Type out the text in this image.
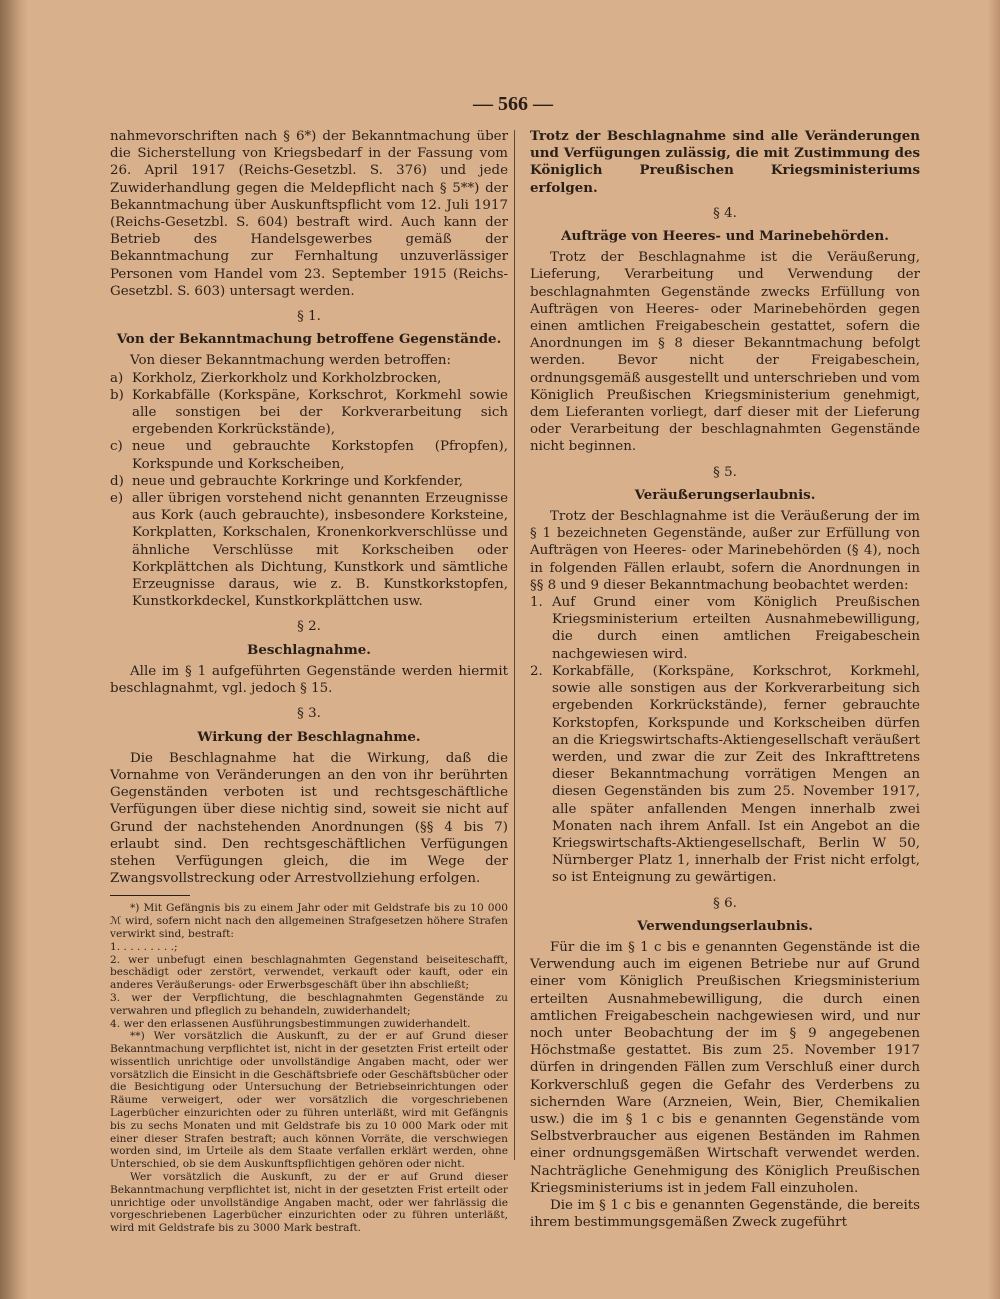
— 566 —

nahmevorschriften nach § 6*) der Bekanntmachung über die Sicherstellung von Kriegsbedarf in der Fassung vom 26. April 1917 (Reichs-Gesetzbl. S. 376) und jede Zuwiderhandlung gegen die Meldepflicht nach § 5**) der Bekanntmachung über Auskunftspflicht vom 12. Juli 1917 (Reichs-Gesetzbl. S. 604) bestraft wird. Auch kann der Betrieb des Handelsgewerbes gemäß der Bekanntmachung zur Fernhaltung unzuverlässiger Personen vom Handel vom 23. September 1915 (Reichs-Gesetzbl. S. 603) untersagt werden.

§ 1.

Von der Bekanntmachung betroffene Gegenstände.

Von dieser Bekanntmachung werden betroffen:

a) Korkholz, Zierkorkholz und Korkholzbrocken,
b) Korkabfälle (Korkspäne, Korkschrot, Korkmehl sowie alle sonstigen bei der Korkverarbeitung sich ergebenden Korkrückstände),
c) neue und gebrauchte Korkstopfen (Pfropfen), Korkspunde und Korkscheiben,
d) neue und gebrauchte Korkringe und Korkfender,
e) aller übrigen vorstehend nicht genannten Erzeugnisse aus Kork (auch gebrauchte), insbesondere Korksteine, Korkplatten, Korkschalen, Kronenkorkverschlüsse und ähnliche Verschlüsse mit Korkscheiben oder Korkplättchen als Dichtung, Kunstkork und sämtliche Erzeugnisse daraus, wie z. B. Kunstkorkstopfen, Kunstkorkdeckel, Kunstkorkplättchen usw.

§ 2.

Beschlagnahme.

Alle im § 1 aufgeführten Gegenstände werden hiermit beschlagnahmt, vgl. jedoch § 15.

§ 3.

Wirkung der Beschlagnahme.

Die Beschlagnahme hat die Wirkung, daß die Vornahme von Veränderungen an den von ihr berührten Gegenständen verboten ist und rechtsgeschäftliche Verfügungen über diese nichtig sind, soweit sie nicht auf Grund der nachstehenden Anordnungen (§§ 4 bis 7) erlaubt sind. Den rechtsgeschäftlichen Verfügungen stehen Verfügungen gleich, die im Wege der Zwangsvollstreckung oder Arrestvollziehung erfolgen.

*) Mit Gefängnis bis zu einem Jahr oder mit Geldstrafe bis zu 10 000 ℳ wird, sofern nicht nach den allgemeinen Strafgesetzen höhere Strafen verwirkt sind, bestraft:

1. . . . . . . . .;

2. wer unbefugt einen beschlagnahmten Gegenstand beiseiteschafft, beschädigt oder zerstört, verwendet, verkauft oder kauft, oder ein anderes Veräußerungs- oder Erwerbsgeschäft über ihn abschließt;

3. wer der Verpflichtung, die beschlagnahmten Gegenstände zu verwahren und pfleglich zu behandeln, zuwiderhandelt;

4. wer den erlassenen Ausführungsbestimmungen zuwiderhandelt.

**) Wer vorsätzlich die Auskunft, zu der er auf Grund dieser Bekanntmachung verpflichtet ist, nicht in der gesetzten Frist erteilt oder wissentlich unrichtige oder unvollständige Angaben macht, oder wer vorsätzlich die Einsicht in die Geschäftsbriefe oder Geschäftsbücher oder die Besichtigung oder Untersuchung der Betriebseinrichtungen oder Räume verweigert, oder wer vorsätzlich die vorgeschriebenen Lagerbücher einzurichten oder zu führen unterläßt, wird mit Gefängnis bis zu sechs Monaten und mit Geldstrafe bis zu 10 000 Mark oder mit einer dieser Strafen bestraft; auch können Vorräte, die verschwiegen worden sind, im Urteile als dem Staate verfallen erklärt werden, ohne Unterschied, ob sie dem Auskunftspflichtigen gehören oder nicht.

Wer vorsätzlich die Auskunft, zu der er auf Grund dieser Bekanntmachung verpflichtet ist, nicht in der gesetzten Frist erteilt oder unrichtige oder unvollständige Angaben macht, oder wer fahrlässig die vorgeschriebenen Lagerbücher einzurichten oder zu führen unterläßt, wird mit Geldstrafe bis zu 3000 Mark bestraft.

Trotz der Beschlagnahme sind alle Veränderungen und Verfügungen zulässig, die mit Zustimmung des Königlich Preußischen Kriegsministeriums erfolgen.

§ 4.

Aufträge von Heeres- und Marinebehörden.

Trotz der Beschlagnahme ist die Veräußerung, Lieferung, Verarbeitung und Verwendung der beschlagnahmten Gegenstände zwecks Erfüllung von Aufträgen von Heeres- oder Marinebehörden gegen einen amtlichen Freigabeschein gestattet, sofern die Anordnungen im § 8 dieser Bekanntmachung befolgt werden. Bevor nicht der Freigabeschein, ordnungsgemäß ausgestellt und unterschrieben und vom Königlich Preußischen Kriegsministerium genehmigt, dem Lieferanten vorliegt, darf dieser mit der Lieferung oder Verarbeitung der beschlagnahmten Gegenstände nicht beginnen.

§ 5.

Veräußerungserlaubnis.

Trotz der Beschlagnahme ist die Veräußerung der im § 1 bezeichneten Gegenstände, außer zur Erfüllung von Aufträgen von Heeres- oder Marinebehörden (§ 4), noch in folgenden Fällen erlaubt, sofern die Anordnungen in §§ 8 und 9 dieser Bekanntmachung beobachtet werden:

1. Auf Grund einer vom Königlich Preußischen Kriegsministerium erteilten Ausnahmebewilligung, die durch einen amtlichen Freigabeschein nachgewiesen wird.
2. Korkabfälle, (Korkspäne, Korkschrot, Korkmehl, sowie alle sonstigen aus der Korkverarbeitung sich ergebenden Korkrückstände), ferner gebrauchte Korkstopfen, Korkspunde und Korkscheiben dürfen an die Kriegswirtschafts-Aktiengesellschaft veräußert werden, und zwar die zur Zeit des Inkrafttretens dieser Bekanntmachung vorrätigen Mengen an diesen Gegenständen bis zum 25. November 1917, alle später anfallenden Mengen innerhalb zwei Monaten nach ihrem Anfall. Ist ein Angebot an die Kriegswirtschafts-Aktiengesellschaft, Berlin W 50, Nürnberger Platz 1, innerhalb der Frist nicht erfolgt, so ist Enteignung zu gewärtigen.

§ 6.

Verwendungserlaubnis.

Für die im § 1 c bis e genannten Gegenstände ist die Verwendung auch im eigenen Betriebe nur auf Grund einer vom Königlich Preußischen Kriegsministerium erteilten Ausnahmebewilligung, die durch einen amtlichen Freigabeschein nachgewiesen wird, und nur noch unter Beobachtung der im § 9 angegebenen Höchstmaße gestattet. Bis zum 25. November 1917 dürfen in dringenden Fällen zum Verschluß einer durch Korkverschluß gegen die Gefahr des Verderbens zu sichernden Ware (Arzneien, Wein, Bier, Chemikalien usw.) die im § 1 c bis e genannten Gegenstände vom Selbstverbraucher aus eigenen Beständen im Rahmen einer ordnungsgemäßen Wirtschaft verwendet werden. Nachträgliche Genehmigung des Königlich Preußischen Kriegsministeriums ist in jedem Fall einzuholen.

Die im § 1 c bis e genannten Gegenstände, die bereits ihrem bestimmungsgemäßen Zweck zugeführt
